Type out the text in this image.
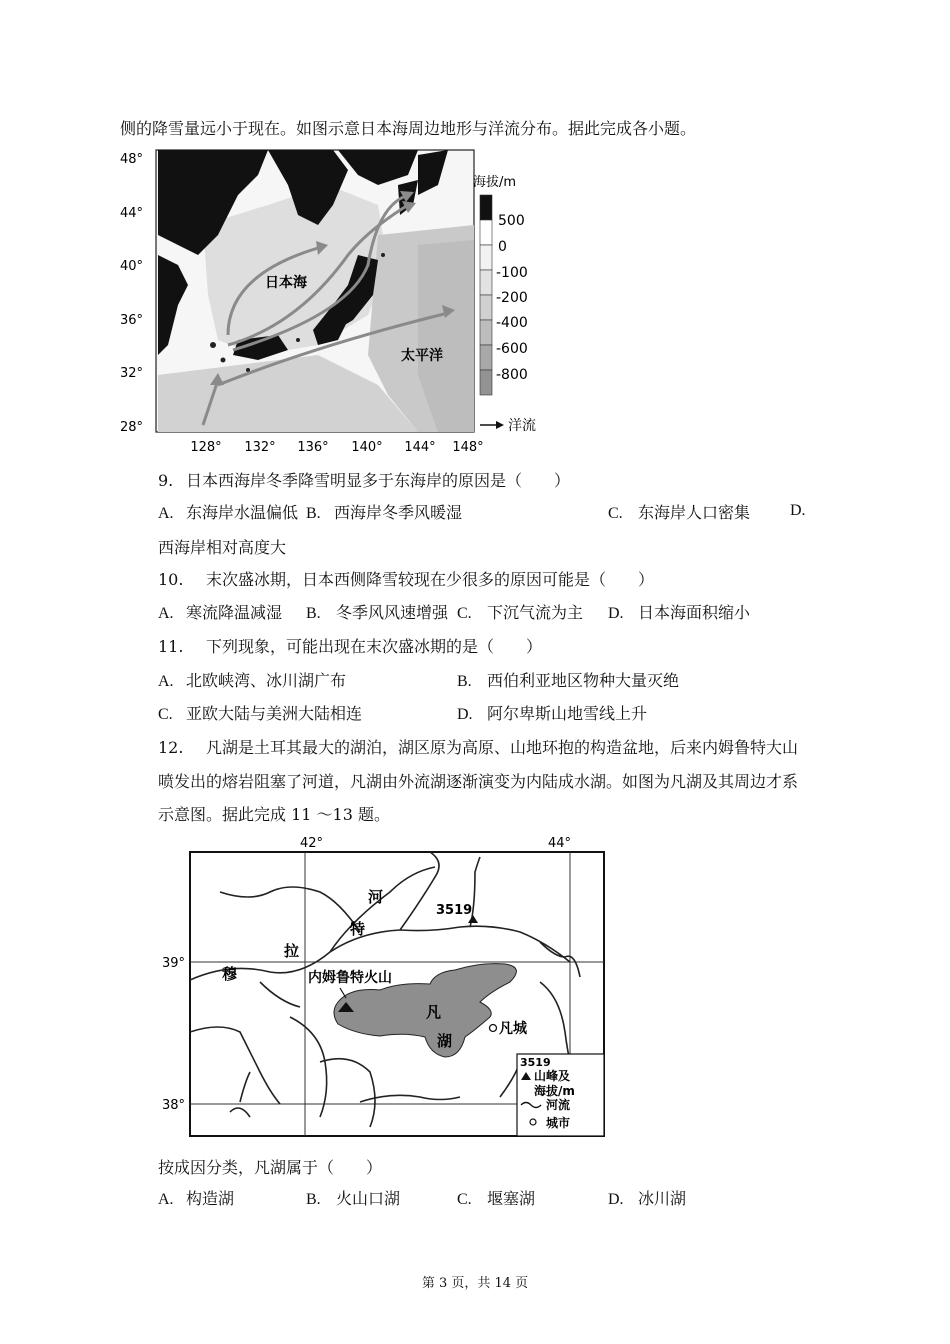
侧的降雪量远小于现在。如图示意日本海周边地形与洋流分布。据此完成各小题。
日本海
太平洋
48°
44°
40°
36°
32°
28°
128° 132° 136° 140° 144° 148°
海拔/m
500
0
-100
-200
-400
-600
-800
洋流
9. 日本西海岸冬季降雪明显多于东海岸的原因是（　　）
A. 东海岸水温偏低 B. 西海岸冬季风暖湿	C. 东海岸人口密集 D.
西海岸相对高度大
10. 末次盛冰期，日本西侧降雪较现在少很多的原因可能是（　　）
A. 寒流降温减湿 B. 冬季风风速增强 C. 下沉气流为主 D. 日本海面积缩小
11. 下列现象，可能出现在末次盛冰期的是（　　）
A. 北欧峡湾、冰川湖广布	B. 西伯利亚地区物种大量灭绝
C. 亚欧大陆与美洲大陆相连	D. 阿尔卑斯山地雪线上升
12. 凡湖是土耳其最大的湖泊，湖区原为高原、山地环抱的构造盆地，后来内姆鲁特大山
喷发出的熔岩阻塞了河道，凡湖由外流湖逐渐演变为内陆成水湖。如图为凡湖及其周边才系
示意图。据此完成 11 ～13 题。
42°	44°
39°
38°
河
特
拉
穆
3519
内姆鲁特火山
凡
湖
凡城
3519
山峰及
海拔/m
河流
城市
按成因分类，凡湖属于（　　）
A. 构造湖	B. 火山口湖	C. 堰塞湖	D. 冰川湖
第 3 页，共 14 页
